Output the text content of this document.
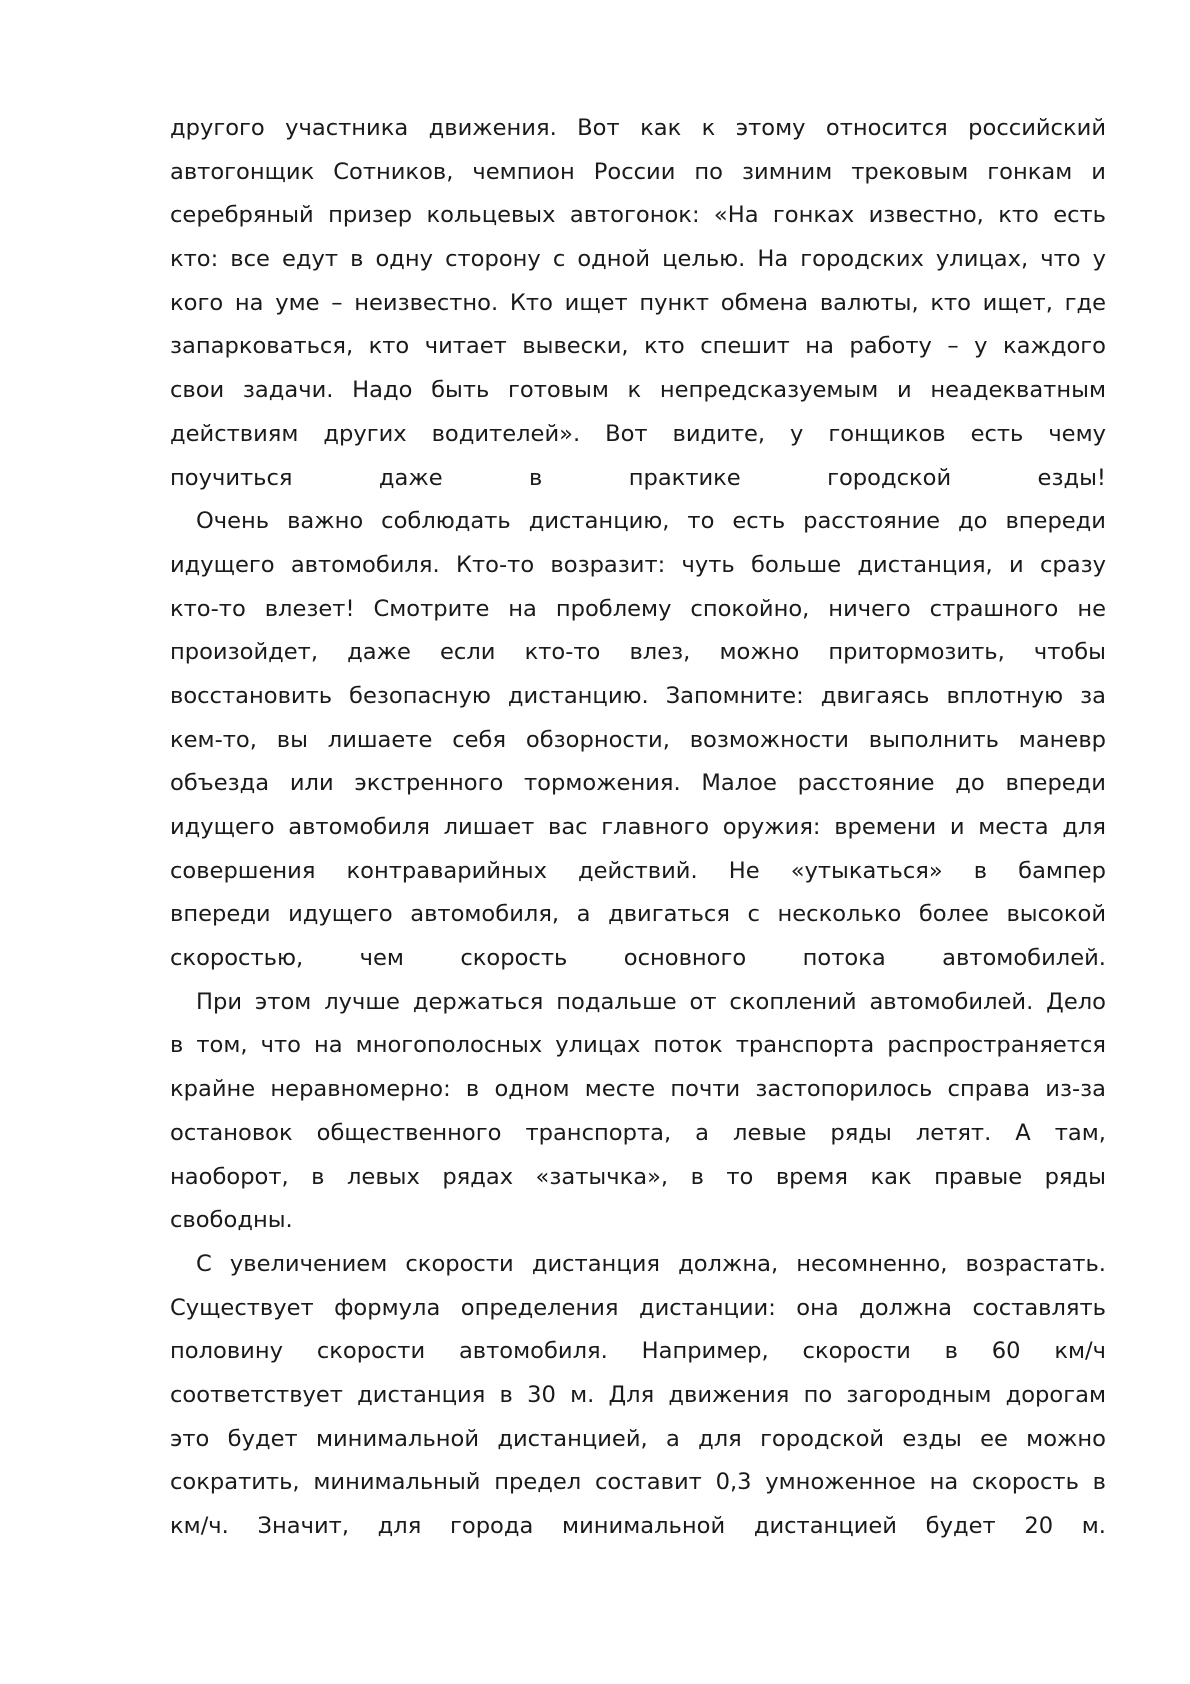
другого участника движения. Вот как к этому относится российский
автогонщик Сотников, чемпион России по зимним трековым гонкам и
серебряный призер кольцевых автогонок: «На гонках известно, кто есть
кто: все едут в одну сторону с одной целью. На городских улицах, что у
кого на уме – неизвестно. Кто ищет пункт обмена валюты, кто ищет, где
запарковаться, кто читает вывески, кто спешит на работу – у каждого
свои задачи. Надо быть готовым к непредсказуемым и неадекватным
действиям других водителей». Вот видите, у гонщиков есть чему
поучиться даже в практике городской езды!
Очень важно соблюдать дистанцию, то есть расстояние до впереди
идущего автомобиля. Кто-то возразит: чуть больше дистанция, и сразу
кто-то влезет! Смотрите на проблему спокойно, ничего страшного не
произойдет, даже если кто-то влез, можно притормозить, чтобы
восстановить безопасную дистанцию. Запомните: двигаясь вплотную за
кем-то, вы лишаете себя обзорности, возможности выполнить маневр
объезда или экстренного торможения. Малое расстояние до впереди
идущего автомобиля лишает вас главного оружия: времени и места для
совершения контраварийных действий. Не «утыкаться» в бампер
впереди идущего автомобиля, а двигаться с несколько более высокой
скоростью, чем скорость основного потока автомобилей.
При этом лучше держаться подальше от скоплений автомобилей. Дело
в том, что на многополосных улицах поток транспорта распространяется
крайне неравномерно: в одном месте почти застопорилось справа из-за
остановок общественного транспорта, а левые ряды летят. А там,
наоборот, в левых рядах «затычка», в то время как правые ряды
свободны.
С увеличением скорости дистанция должна, несомненно, возрастать.
Существует формула определения дистанции: она должна составлять
половину скорости автомобиля. Например, скорости в 60 км/ч
соответствует дистанция в 30 м. Для движения по загородным дорогам
это будет минимальной дистанцией, а для городской езды ее можно
сократить, минимальный предел составит 0,3 умноженное на скорость в
км/ч. Значит, для города минимальной дистанцией будет 20 м.
